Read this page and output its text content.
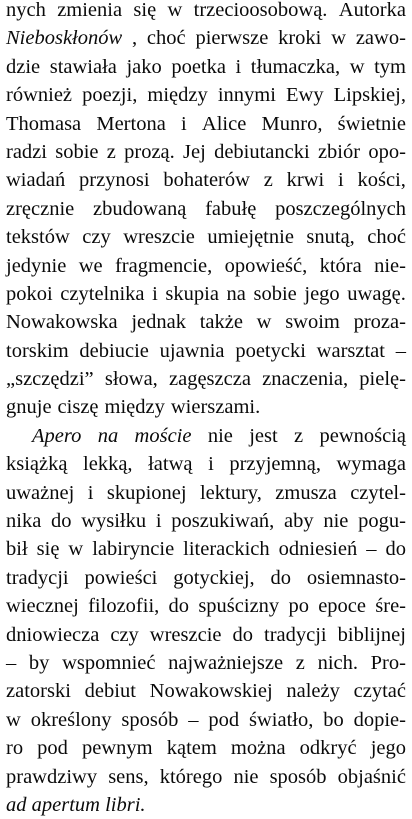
nych zmienia się w trzecioosobową. Autorka
Nieboskłonów , choć pierwsze kroki w zawo-
dzie stawiała jako poetka i tłumaczka, w tym
również poezji, między innymi Ewy Lipskiej,
Thomasa Mertona i Alice Munro, świetnie
radzi sobie z prozą. Jej debiutancki zbiór opo-
wiadań przynosi bohaterów z krwi i kości,
zręcznie zbudowaną fabułę poszczególnych
tekstów czy wreszcie umiejętnie snutą, choć
jedynie we fragmencie, opowieść, która nie-
pokoi czytelnika i skupia na sobie jego uwagę.
Nowakowska jednak także w swoim proza-
torskim debiucie ujawnia poetycki warsztat –
„szczędzi” słowa, zagęszcza znaczenia, pielę-
gnuje ciszę między wierszami.
Apero na moście nie jest z pewnością
książką lekką, łatwą i przyjemną, wymaga
uważnej i skupionej lektury, zmusza czytel-
nika do wysiłku i poszukiwań, aby nie pogu-
bił się w labiryncie literackich odniesień – do
tradycji powieści gotyckiej, do osiemnasto-
wiecznej filozofii, do spuścizny po epoce śre-
dniowiecza czy wreszcie do tradycji biblijnej
– by wspomnieć najważniejsze z nich. Pro-
zatorski debiut Nowakowskiej należy czytać
w określony sposób – pod światło, bo dopie-
ro pod pewnym kątem można odkryć jego
prawdziwy sens, którego nie sposób objaśnić
ad apertum libri.
